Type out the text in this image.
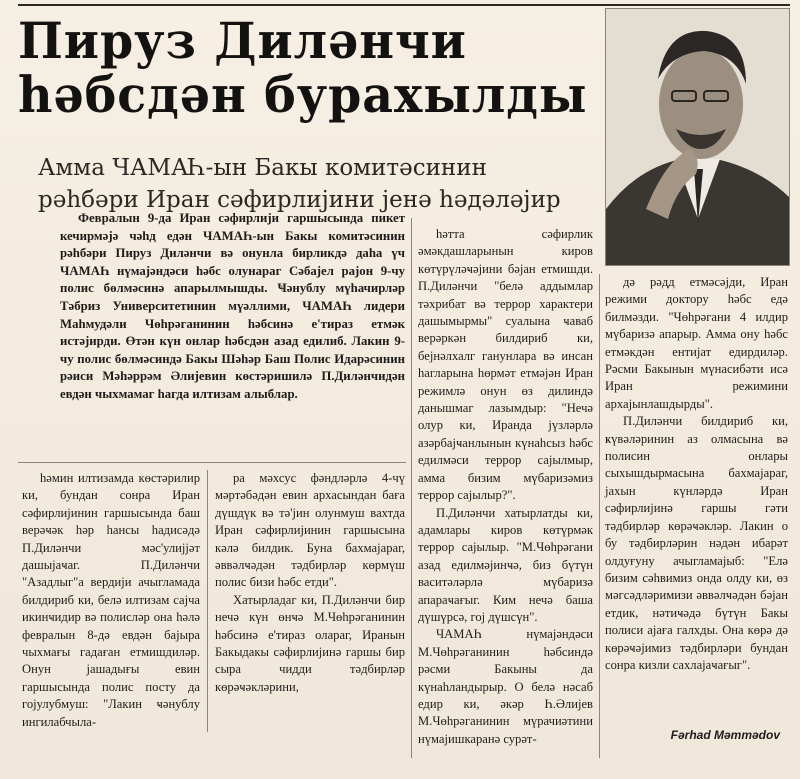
Пируз Диләнчи
һәбсдән бурахылды
Амма ЧАМАҺ-ын Бакы комитәсинин
рәһбәри Иран сәфирлијини јенә һәдәләјир

Февралын 9-да Иран сәфирлији гаршысында пикет кечирмәјә чәһд едән ЧАМАҺ-ын Бакы комитәсинин рәһбәри Пируз Диләнчи вә онунла бирликдә даһа үч ЧАМАҺ нүмајәндәси һәбс олунараг Сәбаjел рајон 9-чу полис бөлмәсинә апарылмышды. Ҹәнублу мүһачирләр Тәбриз Университетинин мүәллими, ЧАМАҺ лидери Маһмудәли Чөһрәганинин һәбсинә е'тираз етмәк истәјирди. Өтән күн онлар һәбсдән азад едилиб. Лакин 9-чу полис бөлмәсиндә Бакы Шәһәр Баш Полис Идарәсинин рәиси Мәһәррәм Әлијевин көстәришилә П.Диләнчидән евдән чыхмамаг һагда илтизам алыблар.

һәмин илтизамда көстәрилир ки, бундан сонра Иран сәфирлијинин гаршысында баш верәҹәк һәр һансы һадисәдә П.Диләнчи мәс'улијјәт дашыјаҹаг. П.Диләнчи "Азадлыг"а вердији ачыгламада билдириб ки, белә илтизам саjча икинҹидир вә полисләр она һәлә февралын 8-дә евдән бајыра чыхмағы гадаған етмишдиләр. Онун јашадығы евин гаршысында полис посту да гојулубмуш: "Лакин ҹәнублу ингилабчыла-

ра мәхсус фәндләрлә 4-чү мәртәбәдән евин архасындан баға дүшдүк вә тә'јин олунмуш вахтда Иран сәфирлијинин гаршысына кәлә билдик. Буна бахмајараг, әввәлҹәдән тәдбирләр көрмүш полис бизи һәбс етди".

Хатырладаг ки, П.Диләнчи бир нечә күн өнҹә М.Чөһрәганинин һәбсинә е'тираз олараг, Иранын Бакыдакы сәфирлијинә гаршы бир сыра чидди тәдбирләр көрәҹәкләрини,

һәтта сәфирлик әмәкдашларынын киров көтүрүләҹәјини бәјан етмишди. П.Диләнчи "белә аддымлар тәхрибат вә террор характери дашымырмы" суалына ҹаваб верәркән билдириб ки, бејнәлхалг ганунлара вә инсан һагларына һөрмәт етмәјән Иран режимлә онун өз дилиндә данышмаг лазымдыр: "Нечә олур ки, Иранда јүзләрлә азәрбајҹанлынын күнаһсыз һәбс едилмәси террор сајылмыр, амма бизим мүбаризәмиз террор сајылыр?".

П.Диләнчи хатырлатды ки, адамлары киров көтүрмәк террор сајылыр. "М.Чөһрәгани азад едилмәјинҹә, биз бүтүн васитәләрлә мүбаризә апараҹағыг. Ким нечә баша дүшүрсә, гој дүшсүн".

ЧАМАҺ нүмајәндәси М.Чөһрәганинин һәбсиндә рәсми Бакыны да күнаһландырыр. О белә нәсаб едир ки, әкәр Һ.Әлијев М.Чөһрәганинин мүрачиәтини нүмајишкаранә сурәт-

дә рәдд етмәсәjди, Иран режими доктору һәбс едә билмәзди. "Чөһрәгани 4 илдир мүбаризә апарыр. Амма ону һәбс етмәкдән ентијат едирдиләр. Рәсми Бакынын мүнасибәти исә Иран режимини архајынлашдырды".

П.Диләнчи билдириб ки, ҝүвәләринин аз олмасына вә полисин онлары сыхышдырмасына бахмајараг, јахын күнләрдә Иран сәфирлијинә гаршы гәти тәдбирләр көрәҹәкләр. Лакин о бу тәдбирләрин нәдән ибарәт олдуғуну ачыгламајыб: "Елә бизим сәһвимиз онда олду ки, өз мәгсәдләримизи әввәлҹәдән бәјан етдик, нәтиҹәдә бүтүн Бакы полиси ајаға галхды. Она көрә дә көрәҹәјимиз тәдбирләри бундан сонра кизли сахлајаҹағыг".

Fәrhad Mәmmәdov
